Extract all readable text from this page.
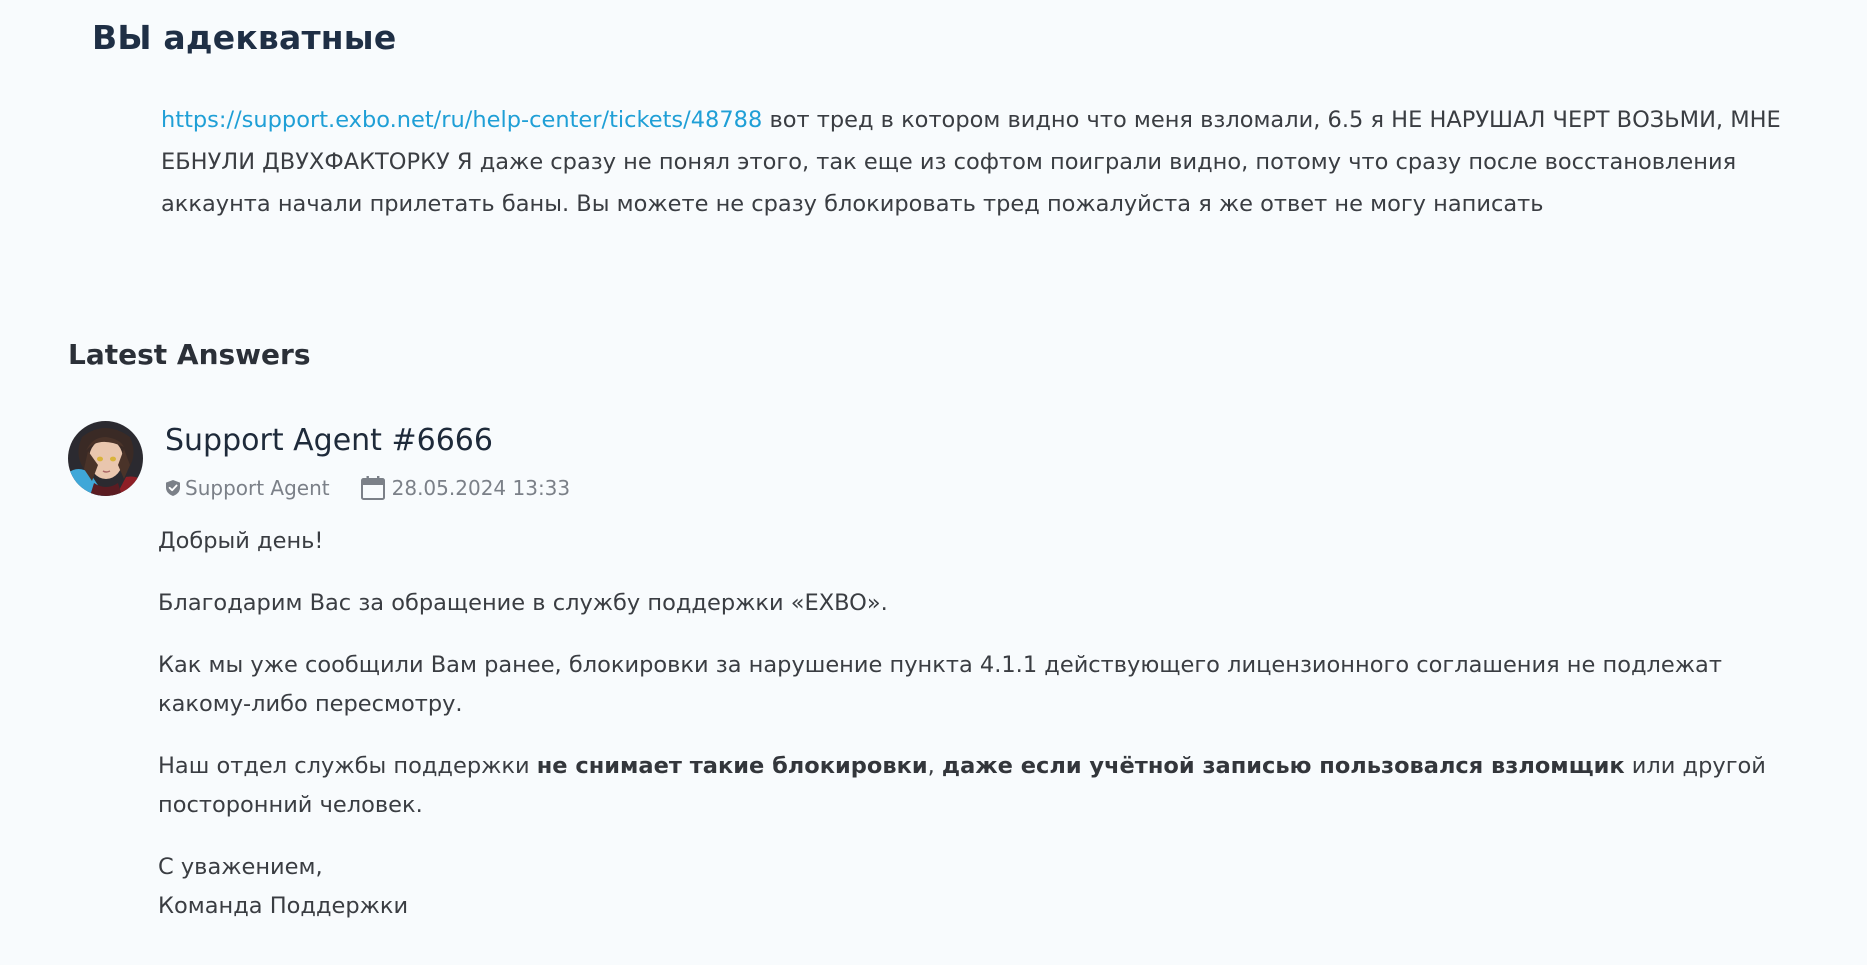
ВЫ адекватные

https://support.exbo.net/ru/help-center/tickets/48788 вот тред в котором видно что меня взломали, 6.5 я НЕ НАРУШАЛ ЧЕРТ ВОЗЬМИ, МНЕ ЕБНУЛИ ДВУХФАКТОРКУ Я даже сразу не понял этого, так еще из софтом поиграли видно, потому что сразу после восстановления аккаунта начали прилетать баны. Вы можете не сразу блокировать тред пожалуйста я же ответ не могу написать

Latest Answers
Support Agent #6666
Support Agent	28.05.2024 13:33

Добрый день!

Благодарим Вас за обращение в службу поддержки «EXBO».

Как мы уже сообщили Вам ранее, блокировки за нарушение пункта 4.1.1 действующего лицензионного соглашения не подлежат какому-либо пересмотру.

Наш отдел службы поддержки не снимает такие блокировки, даже если учётной записью пользовался взломщик или другой посторонний человек.

С уважением,
Команда Поддержки
